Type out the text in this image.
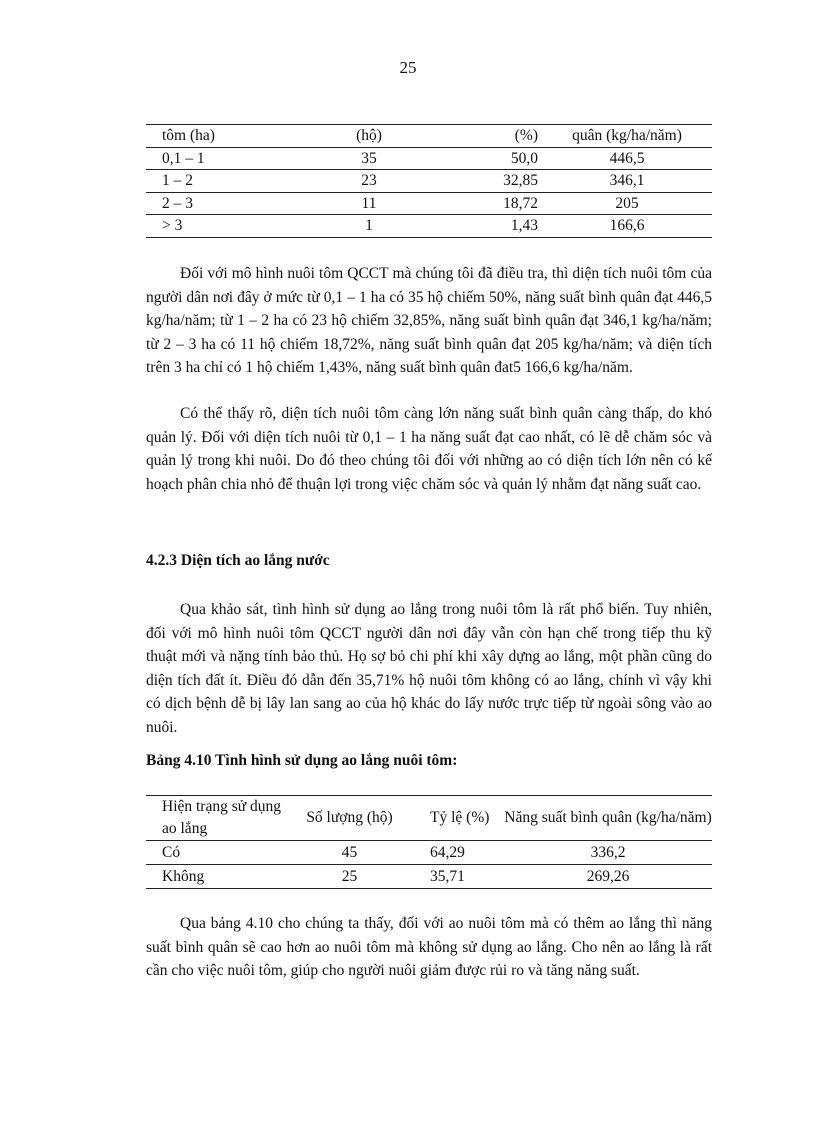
25
tôm (ha)	(hộ)	(%)	quân (kg/ha/năm)
0,1 – 1	35	50,0	446,5
1 – 2	23	32,85	346,1
2 – 3	11	18,72	205
> 3	1	1,43	166,6

Đối với mô hình nuôi tôm QCCT mà chúng tôi đã điều tra, thì diện tích nuôi tôm của người dân nơi đây ở mức từ 0,1 – 1 ha có 35 hộ chiếm 50%, năng suất bình quân đạt 446,5 kg/ha/năm; từ 1 – 2 ha có 23 hộ chiếm 32,85%, năng suất bình quân đạt 346,1 kg/ha/năm; từ 2 – 3 ha có 11 hộ chiếm 18,72%, năng suất bình quân đạt 205 kg/ha/năm; và diện tích trên 3 ha chỉ có 1 hộ chiếm 1,43%, năng suất bình quân đat5 166,6 kg/ha/năm.

Có thể thấy rõ, diện tích nuôi tôm càng lớn năng suất bình quân càng thấp, do khó quản lý. Đối với diện tích nuôi từ 0,1 – 1 ha năng suất đạt cao nhất, có lẽ dễ chăm sóc và quản lý trong khi nuôi. Do đó theo chúng tôi đối với những ao có diện tích lớn nên có kế hoạch phân chia nhỏ để thuận lợi trong việc chăm sóc và quản lý nhằm đạt năng suất cao.

4.2.3 Diện tích ao lắng nước

Qua khảo sát, tình hình sử dụng ao lắng trong nuôi tôm là rất phổ biến. Tuy nhiên, đối với mô hình nuôi tôm QCCT người dân nơi đây vẫn còn hạn chế trong tiếp thu kỹ thuật mới và nặng tính bảo thủ. Họ sợ bỏ chi phí khi xây dựng ao lắng, một phần cũng do diện tích đất ít. Điều đó dẫn đến 35,71% hộ nuôi tôm không có ao lắng, chính vì vậy khi có dịch bệnh dễ bị lây lan sang ao của hộ khác do lấy nước trực tiếp từ ngoài sông vào ao nuôi.

Bảng 4.10 Tình hình sử dụng ao lắng nuôi tôm:

Hiện trạng sử dụng ao lắng	Số lượng (hộ)	Tỷ lệ (%)	Năng suất bình quân (kg/ha/năm)
Có	45	64,29	336,2
Không	25	35,71	269,26

Qua bảng 4.10 cho chúng ta thấy, đối với ao nuôi tôm mà có thêm ao lắng thì năng suất bình quân sẽ cao hơn ao nuôi tôm mà không sử dụng ao lắng. Cho nên ao lắng là rất cần cho việc nuôi tôm, giúp cho người nuôi giảm được rủi ro và tăng năng suất.
